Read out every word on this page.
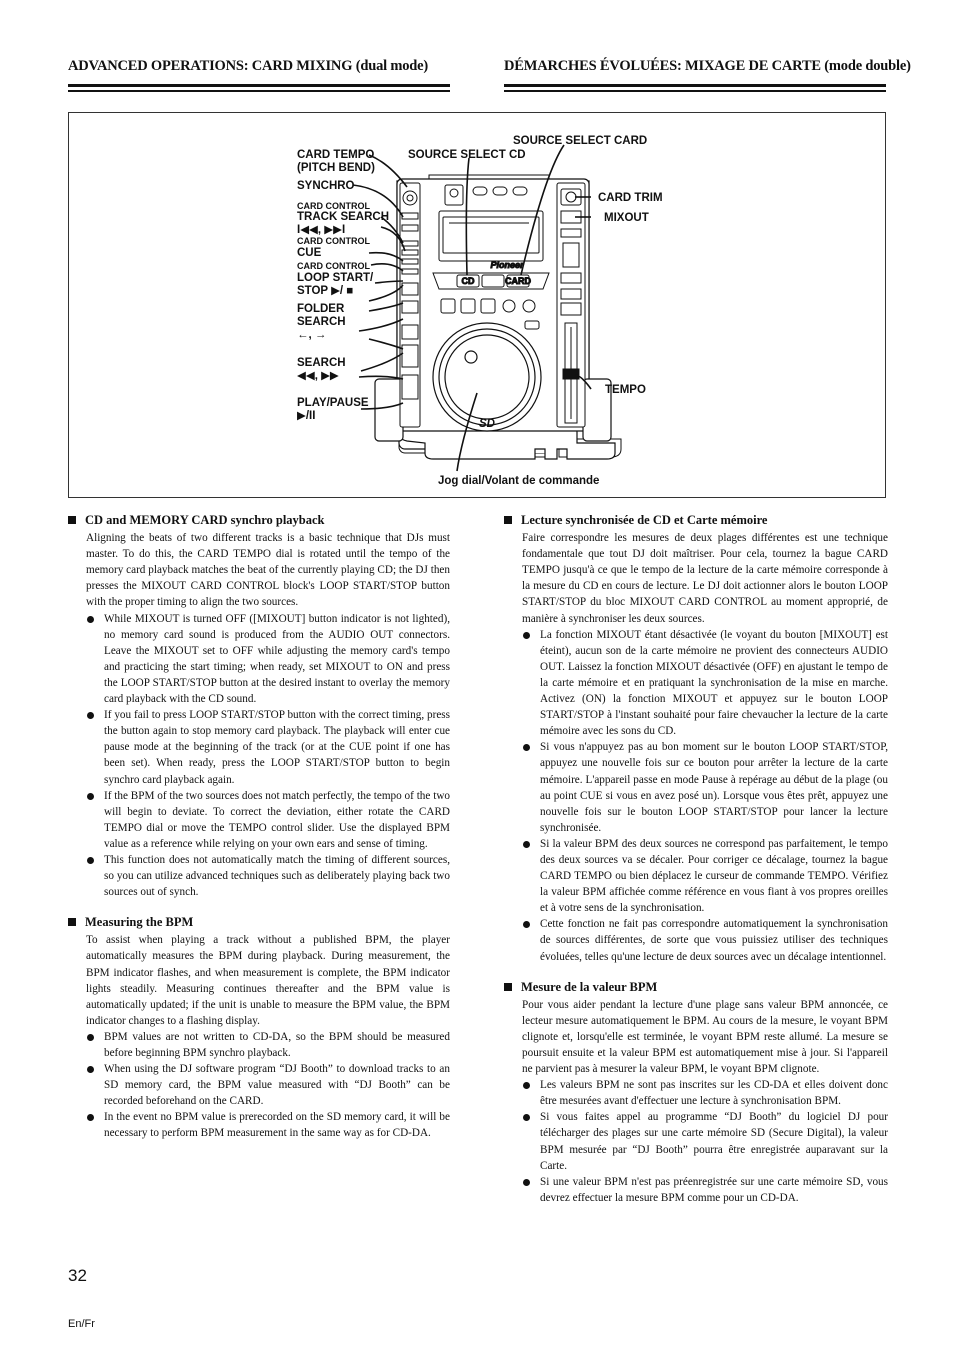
ADVANCED OPERATIONS: CARD MIXING (dual mode)	DÉMARCHES ÉVOLUÉES: MIXAGE DE CARTE (mode double)
CD	CARD
Pioneer
SD
CARD TEMPO
(PITCH BEND)
SYNCHRO
CARD CONTROL
TRACK SEARCH
I◀◀, ▶▶I
CARD CONTROL
CUE
CARD CONTROL
LOOP START/
STOP ▶/ ■
FOLDER
SEARCH
←, →
SEARCH
◀◀, ▶▶
PLAY/PAUSE
▶/II
SOURCE SELECT CD
SOURCE SELECT CARD
CARD TRIM
MIXOUT
TEMPO
Jog dial/Volant de commande
CD and MEMORY CARD synchro playback

Aligning the beats of two different tracks is a basic technique that DJs must master. To do this, the CARD TEMPO dial is rotated until the tempo of the memory card playback matches the beat of the currently playing CD; the DJ then presses the MIXOUT CARD CONTROL block's LOOP START/STOP button with the proper timing to align the two sources.

While MIXOUT is turned OFF ([MIXOUT] button indicator is not lighted), no memory card sound is produced from the AUDIO OUT connectors. Leave the MIXOUT set to OFF while adjusting the memory card's tempo and practicing the start timing; when ready, set MIXOUT to ON and press the LOOP START/STOP button at the desired instant to overlay the memory card playback with the CD sound.
If you fail to press LOOP START/STOP button with the correct timing, press the button again to stop memory card playback. The playback will enter cue pause mode at the beginning of the track (or at the CUE point if one has been set). When ready, press the LOOP START/STOP button to begin synchro card playback again.
If the BPM of the two sources does not match perfectly, the tempo of the two will begin to deviate. To correct the deviation, either rotate the CARD TEMPO dial or move the TEMPO control slider. Use the displayed BPM value as a reference while relying on your own ears and sense of timing.
This function does not automatically match the timing of different sources, so you can utilize advanced techniques such as deliberately playing back two sources out of synch.
Measuring the BPM

To assist when playing a track without a published BPM, the player automatically measures the BPM during playback. During measurement, the BPM indicator flashes, and when measurement is complete, the BPM indicator lights steadily. Measuring continues thereafter and the BPM value is automatically updated; if the unit is unable to measure the BPM value, the BPM indicator changes to a flashing display.

BPM values are not written to CD-DA, so the BPM should be measured before beginning BPM synchro playback.
When using the DJ software program “DJ Booth” to download tracks to an SD memory card, the BPM value measured with “DJ Booth” can be recorded beforehand on the CARD.
In the event no BPM value is prerecorded on the SD memory card, it will be necessary to perform BPM measurement in the same way as for CD-DA.
Lecture synchronisée de CD et Carte mémoire

Faire correspondre les mesures de deux plages différentes est une technique fondamentale que tout DJ doit maîtriser. Pour cela, tournez la bague CARD TEMPO jusqu'à ce que le tempo de la lecture de la carte mémoire corresponde à la mesure du CD en cours de lecture. Le DJ doit actionner alors le bouton LOOP START/STOP du bloc MIXOUT CARD CONTROL au moment approprié, de manière à synchroniser les deux sources.

La fonction MIXOUT étant désactivée (le voyant du bouton [MIXOUT] est éteint), aucun son de la carte mémoire ne provient des connecteurs AUDIO OUT. Laissez la fonction MIXOUT désactivée (OFF) en ajustant le tempo de la carte mémoire et en pratiquant la synchronisation de la mise en marche. Activez (ON) la fonction MIXOUT et appuyez sur le bouton LOOP START/STOP à l'instant souhaité pour faire chevaucher la lecture de la carte mémoire avec les sons du CD.
Si vous n'appuyez pas au bon moment sur le bouton LOOP START/STOP, appuyez une nouvelle fois sur ce bouton pour arrêter la lecture de la carte mémoire. L'appareil passe en mode Pause à repérage au début de la plage (ou au point CUE si vous en avez posé un). Lorsque vous êtes prêt, appuyez une nouvelle fois sur le bouton LOOP START/STOP pour lancer la lecture synchronisée.
Si la valeur BPM des deux sources ne correspond pas parfaitement, le tempo des deux sources va se décaler. Pour corriger ce décalage, tournez la bague CARD TEMPO ou bien déplacez le curseur de commande TEMPO. Vérifiez la valeur BPM affichée comme référence en vous fiant à vos propres oreilles et à votre sens de la synchronisation.
Cette fonction ne fait pas correspondre automatiquement la synchronisation de sources différentes, de sorte que vous puissiez utiliser des techniques évoluées, telles qu'une lecture de deux sources avec un décalage intentionnel.
Mesure de la valeur BPM

Pour vous aider pendant la lecture d'une plage sans valeur BPM annoncée, ce lecteur mesure automatiquement le BPM. Au cours de la mesure, le voyant BPM clignote et, lorsqu'elle est terminée, le voyant BPM reste allumé. La mesure se poursuit ensuite et la valeur BPM est automatiquement mise à jour. Si l'appareil ne parvient pas à mesurer la valeur BPM, le voyant BPM clignote.

Les valeurs BPM ne sont pas inscrites sur les CD-DA et elles doivent donc être mesurées avant d'effectuer une lecture à synchronisation BPM.
Si vous faites appel au programme “DJ Booth” du logiciel DJ pour télécharger des plages sur une carte mémoire SD (Secure Digital), la valeur BPM mesurée par “DJ Booth” pourra être enregistrée auparavant sur la Carte.
Si une valeur BPM n'est pas préenregistrée sur une carte mémoire SD, vous devrez effectuer la mesure BPM comme pour un CD-DA.
32
En/Fr
